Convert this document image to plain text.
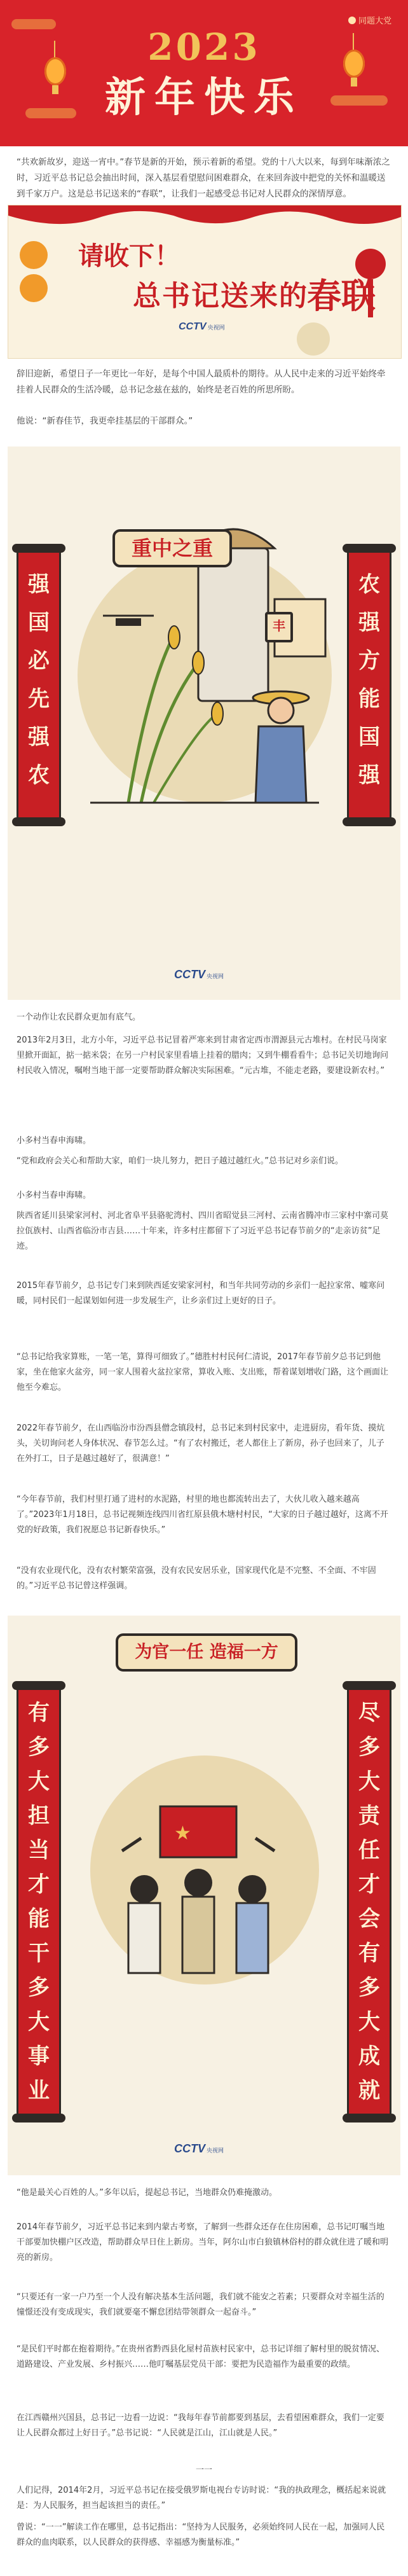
同题大党
2023
新年快乐
“共欢新故岁，迎送一宵中。”春节是新的开始，预示着新的希望。党的十八大以来，每到年味渐浓之时，习近平总书记总会抽出时间，深入基层看望慰问困难群众，在来回奔波中把党的关怀和温暖送到千家万户。这是总书记送来的“春联”，让我们一起感受总书记对人民群众的深情厚意。
请收下！
总书记送来的
春联
CCTV 央视网
辞旧迎新，希望日子一年更比一年好，是每个中国人最质朴的期待。从人民中走来的习近平始终牵挂着人民群众的生活冷暖，总书记念兹在兹的，始终是老百姓的所思所盼。
他说：“新春佳节，我更牵挂基层的干部群众。”
重中之重
丰
强
国
必
先
强
农
农
强
方
能
国
强
CCTV 央视网
一个动作让农民群众更加有底气。
2013年2月3日，北方小年，习近平总书记冒着严寒来到甘肃省定西市渭源县元古堆村。在村民马岗家里掀开面缸，掂一掂米袋；在另一户村民家里看墙上挂着的腊肉；又到牛棚看看牛；总书记关切地询问村民收入情况，嘱咐当地干部一定要帮助群众解决实际困难。“元古堆，不能走老路，要建设新农村。”
小多村当春申海啸。
“党和政府会关心和帮助大家，咱们一块儿努力，把日子越过越红火。”总书记对乡亲们说。
小多村当春申海啸。
陕西省延川县梁家河村、河北省阜平县骆驼湾村、四川省昭觉县三河村、云南省腾冲市三家村中寨司莫拉佤族村、山西省临汾市吉县……十年来，许多村庄都留下了习近平总书记春节前夕的“走亲访贫”足迹。
2015年春节前夕，总书记专门来到陕西延安梁家河村，和当年共同劳动的乡亲们一起拉家常、嘘寒问暖，同村民们一起谋划如何进一步发展生产，让乡亲们过上更好的日子。
“总书记给我家算账，一笔一笔，算得可细致了。”德胜村村民何仁清说，2017年春节前夕总书记到他家，坐在他家火盆旁，同一家人围着火盆拉家常，算收入账、支出账，帮着谋划增收门路，这个画面让他至今难忘。
2022年春节前夕，在山西临汾市汾西县僧念镇段村，总书记来到村民家中，走进厨房，看年货、摸炕头，关切询问老人身体状况、春节怎么过。“有了农村搬迁，老人都住上了新房，孙子也回来了，儿子在外打工，日子是越过越好了，很满意！”
“今年春节前，我们村里打通了进村的水泥路，村里的地也都流转出去了，大伙儿收入越来越高了。”2023年1月18日，总书记视频连线四川省红原县俄木塘村村民，“大家的日子越过越好，这离不开党的好政策，我们祝愿总书记新春快乐。”
“没有农业现代化，没有农村繁荣富强，没有农民安居乐业，国家现代化是不完整、不全面、不牢固的。”习近平总书记曾这样强调。
★
为官一任 造福一方
有
多
大
担
当
才
能
干
多
大
事
业
尽
多
大
责
任
才
会
有
多
大
成
就
CCTV 央视网
“他是最关心百姓的人。”多年以后，提起总书记，当地群众仍难掩激动。
2014年春节前夕，习近平总书记来到内蒙古考察，了解到一些群众还存在住房困难，总书记叮嘱当地干部要加快棚户区改造，帮助群众早日住上新房。当年，阿尔山市白狼镇林俗村的群众就住进了暖和明亮的新房。
“只要还有一家一户乃至一个人没有解决基本生活问题，我们就不能安之若素；只要群众对幸福生活的憧憬还没有变成现实，我们就要毫不懈怠团结带领群众一起奋斗。”
“是民们平时都在抱着期待。”在贵州省黔西县化屋村苗族村民家中，总书记详细了解村里的脱贫情况、道路建设、产业发展、乡村振兴……他叮嘱基层党员干部：要把为民造福作为最重要的政绩。
在江西赣州兴国县，总书记一边看一边说：“我每年春节前都要到基层，去看望困难群众，我们一定要让人民群众都过上好日子。”总书记说：“人民就是江山，江山就是人民。”
一一
人们记得，2014年2月，习近平总书记在接受俄罗斯电视台专访时说：“我的执政理念，概括起来说就是：为人民服务，担当起该担当的责任。”
曾说：“一一”解读工作在哪里，总书记指出：“坚持为人民服务，必须始终同人民在一起，加强同人民群众的血肉联系，以人民群众的获得感、幸福感为衡量标准。”
